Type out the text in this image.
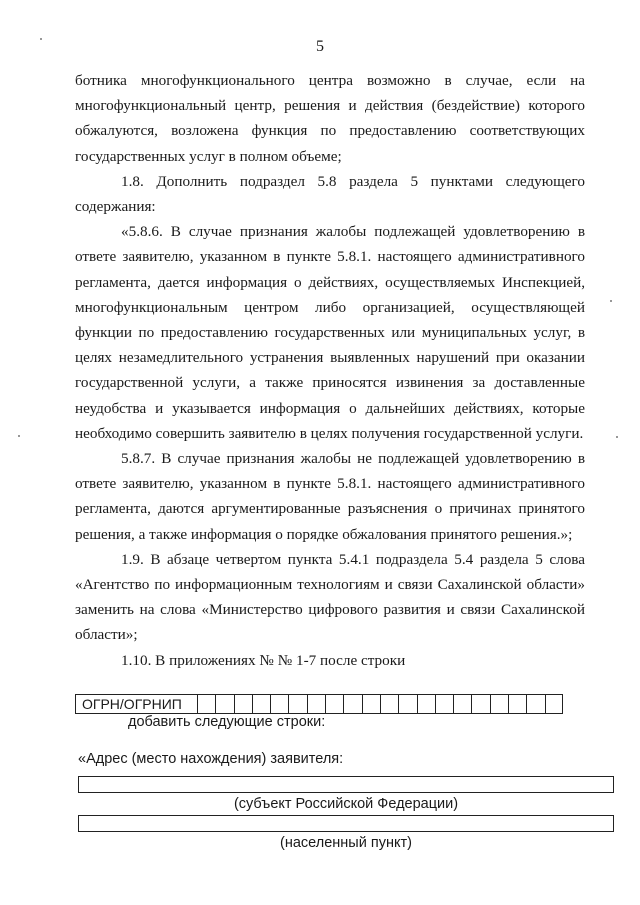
5

ботника многофункционального центра возможно в случае, если на многофункциональный центр, решения и действия (бездействие) которого обжалуются, возложена функция по предоставлению соответствующих государственных услуг в полном объеме;

1.8. Дополнить подраздел 5.8 раздела 5 пунктами следующего содержания:

«5.8.6. В случае признания жалобы подлежащей удовлетворению в ответе заявителю, указанном в пункте 5.8.1. настоящего административного регламента, дается информация о действиях, осуществляемых Инспекцией, многофункциональным центром либо организацией, осуществляющей функции по предоставлению государственных или муниципальных услуг, в целях незамедлительного устранения выявленных нарушений при оказании государственной услуги, а также приносятся извинения за доставленные неудобства и указывается информация о дальнейших действиях, которые необходимо совершить заявителю в целях получения государственной услуги.

5.8.7. В случае признания жалобы не подлежащей удовлетворению в ответе заявителю, указанном в пункте 5.8.1. настоящего административного регламента, даются аргументированные разъяснения о причинах принятого решения, а также информация о порядке обжалования принятого решения.»;

1.9. В абзаце четвертом пункта 5.4.1 подраздела 5.4 раздела 5 слова «Агентство по информационным технологиям и связи Сахалинской области» заменить на слова «Министерство цифрового развития и связи Сахалинской области»;

1.10. В приложениях № № 1-7 после строки

ОГРН/ОГРНИП
добавить следующие строки:
«Адрес (место нахождения) заявителя:
(субъект Российской Федерации)
(населенный пункт)
